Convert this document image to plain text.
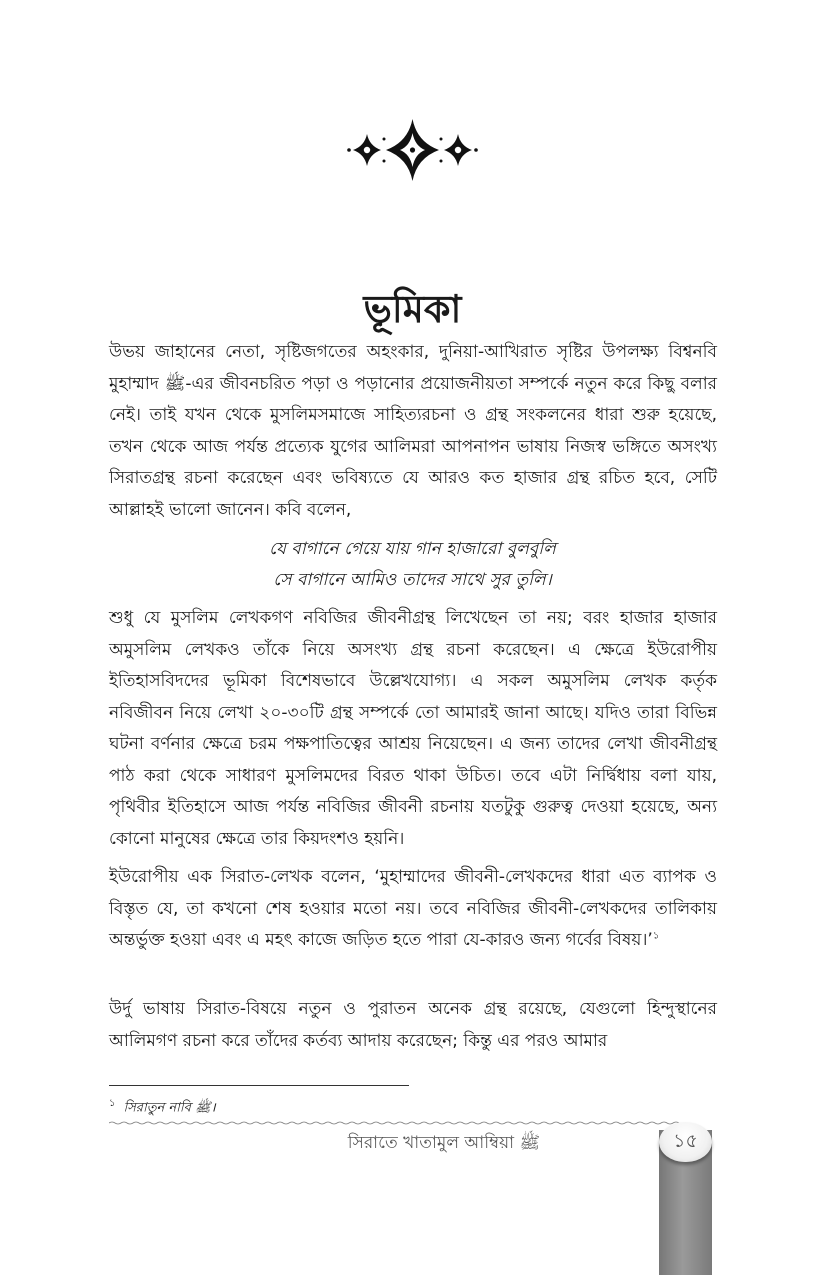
ভূমিকা

উভয় জাহানের নেতা, সৃষ্টিজগতের অহংকার, দুনিয়া-আখিরাত সৃষ্টির উপলক্ষ্য বিশ্বনবি মুহাম্মাদ ﷺ-এর জীবনচরিত পড়া ও পড়ানোর প্রয়োজনীয়তা সম্পর্কে নতুন করে কিছু বলার নেই। তাই যখন থেকে মুসলিমসমাজে সাহিত্যরচনা ও গ্রন্থ সংকলনের ধারা শুরু হয়েছে, তখন থেকে আজ পর্যন্ত প্রত্যেক যুগের আলিমরা আপনাপন ভাষায় নিজস্ব ভঙ্গিতে অসংখ্য সিরাতগ্রন্থ রচনা করেছেন এবং ভবিষ্যতে যে আরও কত হাজার গ্রন্থ রচিত হবে, সেটি আল্লাহই ভালো জানেন। কবি বলেন,

যে বাগানে গেয়ে যায় গান হাজারো বুলবুলি

সে বাগানে আমিও তাদের সাথে সুর তুলি।

শুধু যে মুসলিম লেখকগণ নবিজির জীবনীগ্রন্থ লিখেছেন তা নয়; বরং হাজার হাজার অমুসলিম লেখকও তাঁকে নিয়ে অসংখ্য গ্রন্থ রচনা করেছেন। এ ক্ষেত্রে ইউরোপীয় ইতিহাসবিদদের ভূমিকা বিশেষভাবে উল্লেখযোগ্য। এ সকল অমুসলিম লেখক কর্তৃক নবিজীবন নিয়ে লেখা ২০-৩০টি গ্রন্থ সম্পর্কে তো আমারই জানা আছে। যদিও তারা বিভিন্ন ঘটনা বর্ণনার ক্ষেত্রে চরম পক্ষপাতিত্বের আশ্রয় নিয়েছেন। এ জন্য তাদের লেখা জীবনীগ্রন্থ পাঠ করা থেকে সাধারণ মুসলিমদের বিরত থাকা উচিত। তবে এটা নির্দ্বিধায় বলা যায়, পৃথিবীর ইতিহাসে আজ পর্যন্ত নবিজির জীবনী রচনায় যতটুকু গুরুত্ব দেওয়া হয়েছে, অন্য কোনো মানুষের ক্ষেত্রে তার কিয়দংশও হয়নি।

ইউরোপীয় এক সিরাত-লেখক বলেন, ‘মুহাম্মাদের জীবনী-লেখকদের ধারা এত ব্যাপক ও বিস্তৃত যে, তা কখনো শেষ হওয়ার মতো নয়। তবে নবিজির জীবনী-লেখকদের তালিকায় অন্তর্ভুক্ত হওয়া এবং এ মহৎ কাজে জড়িত হতে পারা যে-কারও জন্য গর্বের বিষয়।’$^১$

উর্দু ভাষায় সিরাত-বিষয়ে নতুন ও পুরাতন অনেক গ্রন্থ রয়েছে, যেগুলো হিন্দুস্থানের আলিমগণ রচনা করে তাঁদের কর্তব্য আদায় করেছেন; কিন্তু এর পরও আমার

$^১$ সিরাতুন নাবি ﷺ।
সিরাতে খাতামুল আম্বিয়া ﷺ	১৫
